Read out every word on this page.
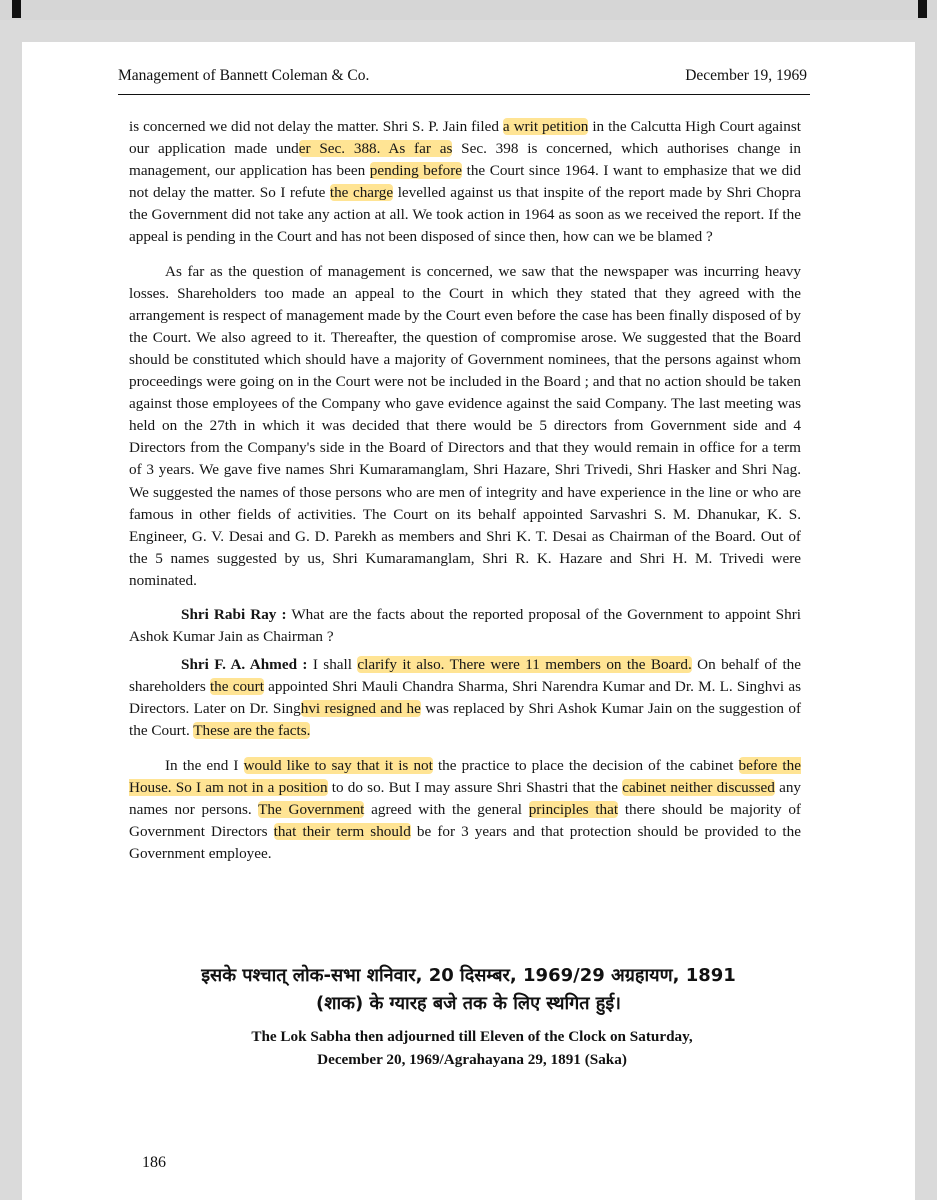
Management of Bannett Coleman & Co.	December 19, 1969

is concerned we did not delay the matter. Shri S. P. Jain filed a writ petition in the Calcutta High Court against our application made under Sec. 388. As far as Sec. 398 is concerned, which authorises change in management, our application has been pending before the Court since 1964. I want to emphasize that we did not delay the matter. So I refute the charge levelled against us that inspite of the report made by Shri Chopra the Government did not take any action at all. We took action in 1964 as soon as we received the report. If the appeal is pending in the Court and has not been disposed of since then, how can we be blamed ?

As far as the question of management is concerned, we saw that the newspaper was incurring heavy losses. Shareholders too made an appeal to the Court in which they stated that they agreed with the arrangement is respect of management made by the Court even before the case has been finally disposed of by the Court. We also agreed to it. Thereafter, the question of compromise arose. We suggested that the Board should be constituted which should have a majority of Government nominees, that the persons against whom proceedings were going on in the Court were not be included in the Board ; and that no action should be taken against those employees of the Company who gave evidence against the said Company. The last meeting was held on the 27th in which it was decided that there would be 5 directors from Government side and 4 Directors from the Company's side in the Board of Directors and that they would remain in office for a term of 3 years. We gave five names Shri Kumaramanglam, Shri Hazare, Shri Trivedi, Shri Hasker and Shri Nag. We suggested the names of those persons who are men of integrity and have experience in the line or who are famous in other fields of activities. The Court on its behalf appointed Sarvashri S. M. Dhanukar, K. S. Engineer, G. V. Desai and G. D. Parekh as members and Shri K. T. Desai as Chairman of the Board. Out of the 5 names suggested by us, Shri Kumaramanglam, Shri R. K. Hazare and Shri H. M. Trivedi were nominated.

Shri Rabi Ray : What are the facts about the reported proposal of the Government to appoint Shri Ashok Kumar Jain as Chairman ?

Shri F. A. Ahmed : I shall clarify it also. There were 11 members on the Board. On behalf of the shareholders the court appointed Shri Mauli Chandra Sharma, Shri Narendra Kumar and Dr. M. L. Singhvi as Directors. Later on Dr. Singhvi resigned and he was replaced by Shri Ashok Kumar Jain on the suggestion of the Court. These are the facts.

In the end I would like to say that it is not the practice to place the decision of the cabinet before the House. So I am not in a position to do so. But I may assure Shri Shastri that the cabinet neither discussed any names nor persons. The Government agreed with the general principles that there should be majority of Government Directors that their term should be for 3 years and that protection should be provided to the Government employee.

इसके पश्चात् लोक-सभा शनिवार, 20 दिसम्बर, 1969/29 अग्रहायण, 1891
(शाक) के ग्यारह बजे तक के लिए स्थगित हुई।
The Lok Sabha then adjourned till Eleven of the Clock on Saturday,
December 20, 1969/Agrahayana 29, 1891 (Saka)
186
